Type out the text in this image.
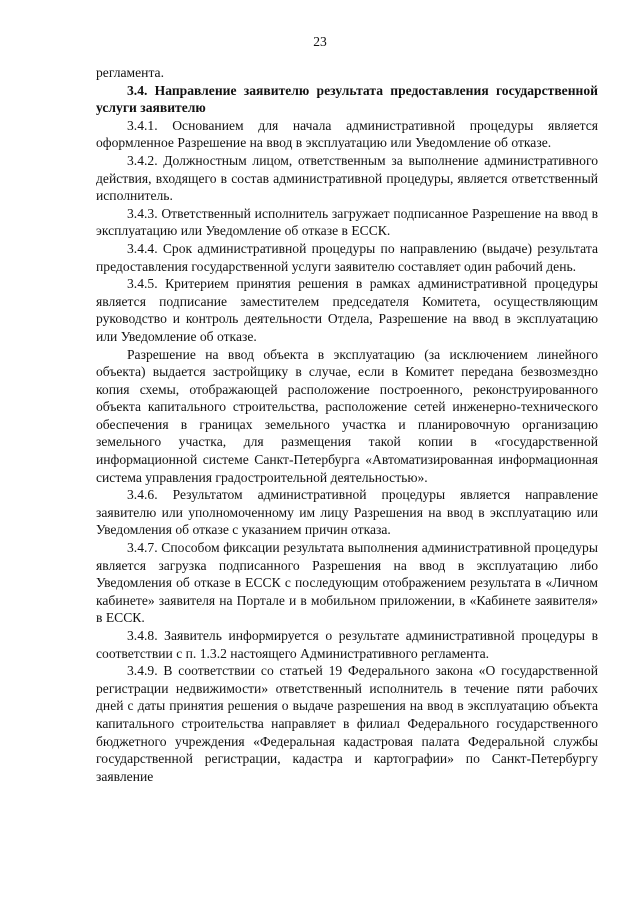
23

регламента.

3.4. Направление заявителю результата предоставления государственной услуги заявителю

3.4.1. Основанием для начала административной процедуры является оформленное Разрешение на ввод в эксплуатацию или Уведомление об отказе.

3.4.2. Должностным лицом, ответственным за выполнение административного действия, входящего в состав административной процедуры, является ответственный исполнитель.

3.4.3. Ответственный исполнитель загружает подписанное Разрешение на ввод в эксплуатацию или Уведомление об отказе в ЕССК.

3.4.4. Срок административной процедуры по направлению (выдаче) результата предоставления государственной услуги заявителю составляет один рабочий день.

3.4.5. Критерием принятия решения в рамках административной процедуры является подписание заместителем председателя Комитета, осуществляющим руководство и контроль деятельности Отдела, Разрешение на ввод в эксплуатацию или Уведомление об отказе.

Разрешение на ввод объекта в эксплуатацию (за исключением линейного объекта) выдается застройщику в случае, если в Комитет передана безвозмездно копия схемы, отображающей расположение построенного, реконструированного объекта капитального строительства, расположение сетей инженерно-технического обеспечения в границах земельного участка и планировочную организацию земельного участка, для размещения такой копии в «государственной информационной системе Санкт-Петербурга «Автоматизированная информационная система управления градостроительной деятельностью».

3.4.6. Результатом административной процедуры является направление заявителю или уполномоченному им лицу Разрешения на ввод в эксплуатацию или Уведомления об отказе с указанием причин отказа.

3.4.7. Способом фиксации результата выполнения административной процедуры является загрузка подписанного Разрешения на ввод в эксплуатацию либо Уведомления об отказе в ЕССК с последующим отображением результата в «Личном кабинете» заявителя на Портале и в мобильном приложении, в «Кабинете заявителя» в ЕССК.

3.4.8. Заявитель информируется о результате административной процедуры в соответствии с п. 1.3.2 настоящего Административного регламента.

3.4.9. В соответствии со статьей 19 Федерального закона «О государственной регистрации недвижимости» ответственный исполнитель в течение пяти рабочих дней с даты принятия решения о выдаче разрешения на ввод в эксплуатацию объекта капитального строительства направляет в филиал Федерального государственного бюджетного учреждения «Федеральная кадастровая палата Федеральной службы государственной регистрации, кадастра и картографии» по Санкт-Петербургу заявление
